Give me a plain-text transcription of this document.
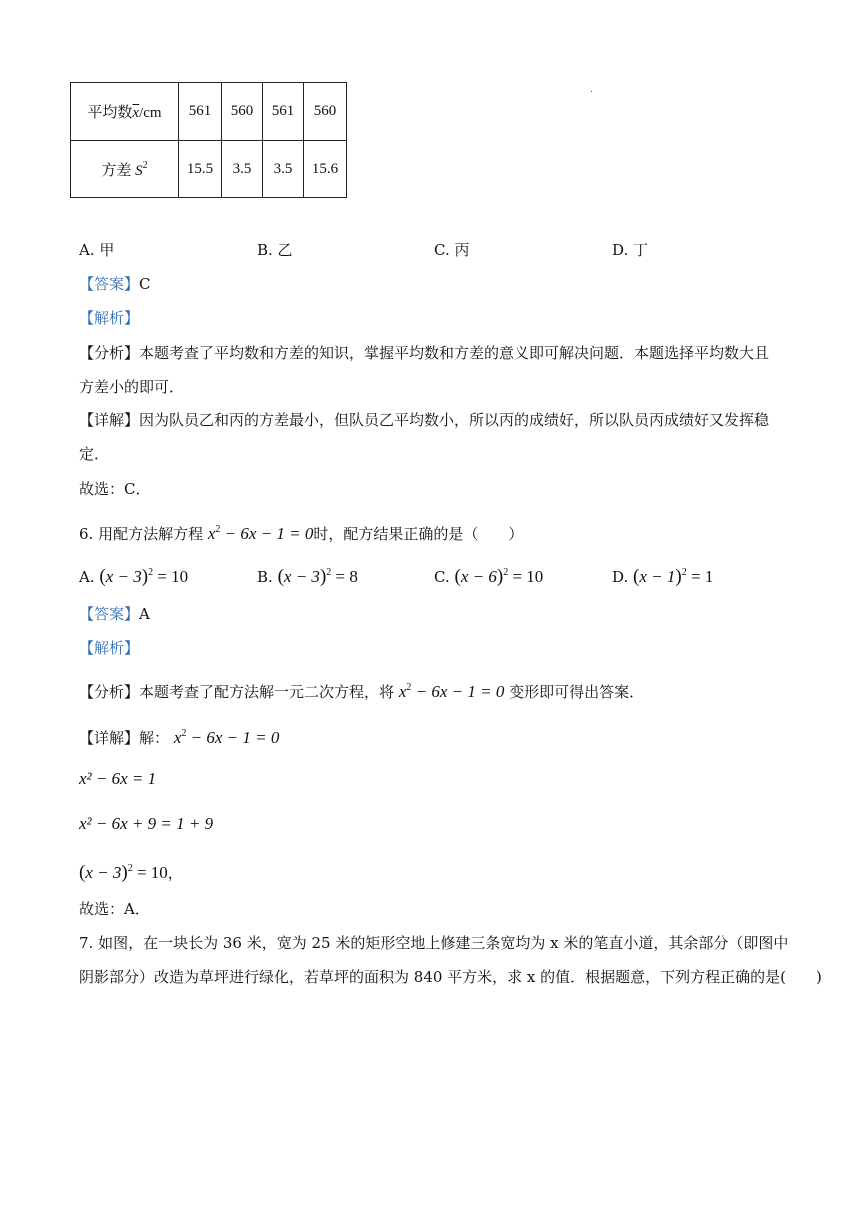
平均数$\overline{x}/cm$	561	560	561	560
方差 $S^2$	15.5	3.5	3.5	15.6
A. 甲	B. 乙	C. 丙	D. 丁
【答案】C
【解析】
【分析】本题考查了平均数和方差的知识，掌握平均数和方差的意义即可解决问题．本题选择平均数大且
方差小的即可．
【详解】因为队员乙和丙的方差最小，但队员乙平均数小，所以丙的成绩好，所以队员丙成绩好又发挥稳
定．
故选：C．
6. 用配方法解方程 $x^2 - 6x - 1 = 0$时，配方结果正确的是（　　）
A. $(x - 3)^2 = 10$	B. $(x - 3)^2 = 8$	C. $(x - 6)^2 = 10$	D. $(x - 1)^2 = 1$
【答案】A
【解析】
【分析】本题考查了配方法解一元二次方程，将 $x^2 - 6x - 1 = 0$ 变形即可得出答案．
【详解】解： $x^2 - 6x - 1 = 0$
x² − 6x = 1
x² − 6x + 9 = 1 + 9
$(x - 3)^2 = 10$，
故选：A．
7. 如图，在一块长为 36 米，宽为 25 米的矩形空地上修建三条宽均为 x 米的笔直小道，其余部分（即图中
阴影部分）改造为草坪进行绿化，若草坪的面积为 840 平方米，求 x 的值．根据题意，下列方程正确的是(　　)
